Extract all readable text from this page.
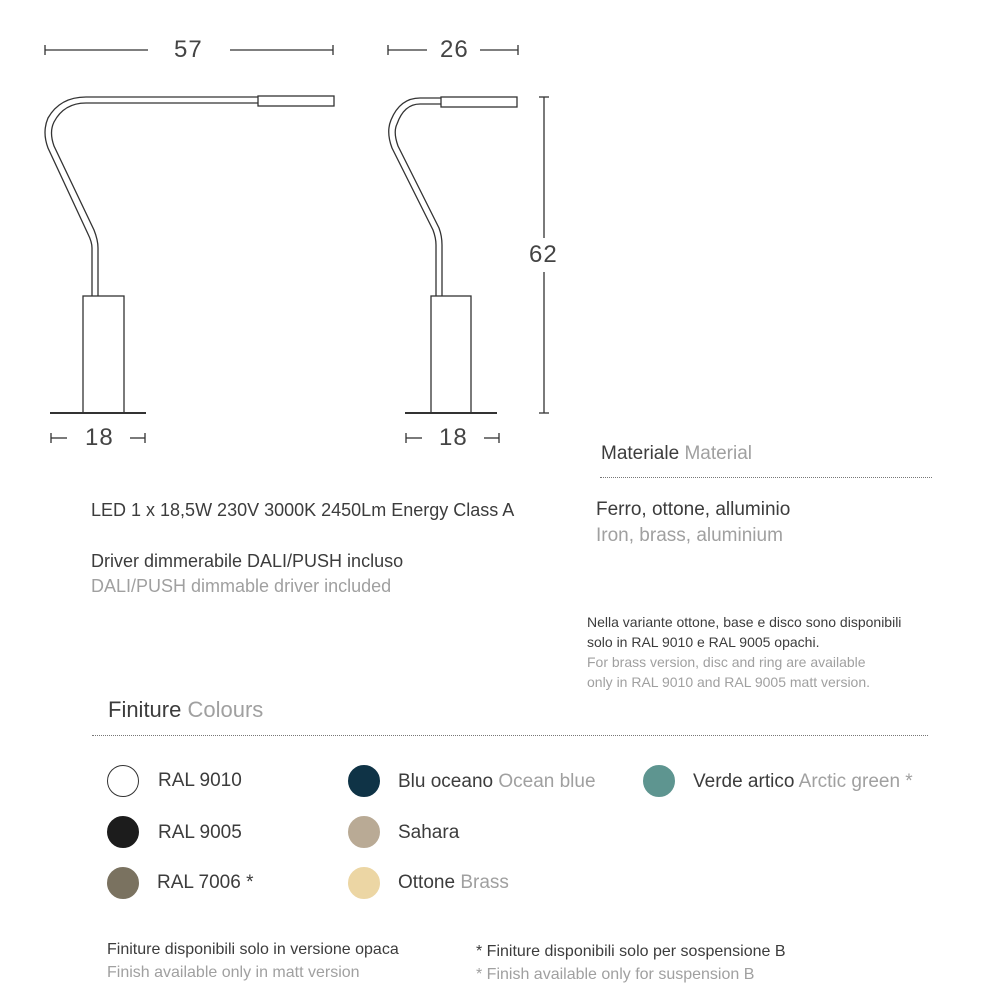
57	26
62
18	18
Materiale Material
Ferro, ottone, alluminio
Iron, brass, aluminium
LED 1 x 18,5W 230V 3000K 2450Lm Energy Class A
Driver dimmerabile DALI/PUSH incluso
DALI/PUSH dimmable driver included
Nella variante ottone, base e disco sono disponibili
solo in RAL 9010 e RAL 9005 opachi.
For brass version, disc and ring are available
only in RAL 9010 and RAL 9005 matt version.
Finiture Colours
RAL 9010	Blu oceano Ocean blue	Verde artico Arctic green *
RAL 9005	Sahara
RAL 7006 *	Ottone Brass
Finiture disponibili solo in versione opaca
Finish available only in matt version
* Finiture disponibili solo per sospensione B
* Finish available only for suspension B
